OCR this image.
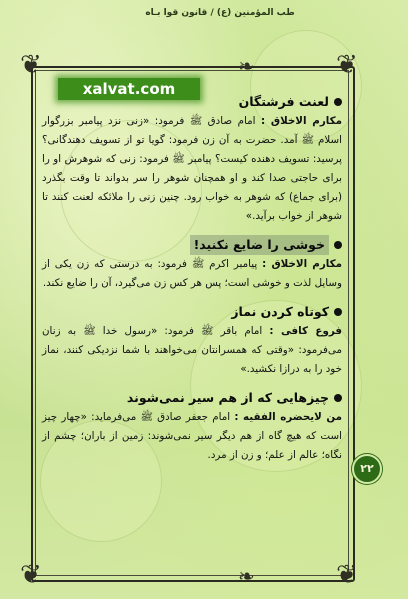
طب المؤمنین (ع) / قانون قوا بـاه
❦	❦
❦	❦
❧
❧
xalvat.com
لعنت فرشتگان

مکارم الاخلاق : امام صادق ﷺ فرمود: «زنی نزد پیامبر بزرگوار اسلام ﷺ آمد. حضرت به آن زن فرمود: گویا تو از تسویف دهندگانی؟ پرسید: تسویف دهنده کیست؟ پیامبر ﷺ فرمود: زنی که شوهرش او را برای حاجتی صدا کند و او همچنان شوهر را سر بدواند تا وقت بگذرد (برای جماع) که شوهر به خواب رود. چنین زنی را ملائکه لعنت کنند تا شوهر از خواب برآید.»

خوشی را ضایع نکنید!

مکارم الاخلاق : پیامبر اکرم ﷺ فرمود: به درستی که زن یکی از وسایل لذت و خوشی است؛ پس هر کس زن می‌گیرد، آن را ضایع نکند.

کوتاه کردن نماز

فروع کافی : امام باقر ﷺ فرمود: «رسول خدا ﷺ به زنان می‌فرمود: «وقتی که همسرانتان می‌خواهند با شما نزدیکی کنند، نماز خود را به درازا نکشید.»

چیزهایی که از هم سیر نمی‌شوند

من لایحضره الفقیه : امام جعفر صادق ﷺ می‌فرماید: «چهار چیز است که هیچ گاه از هم دیگر سیر نمی‌شوند: زمین از باران؛ چشم از نگاه؛ عالم از علم؛ و زن از مرد.

۲۲
